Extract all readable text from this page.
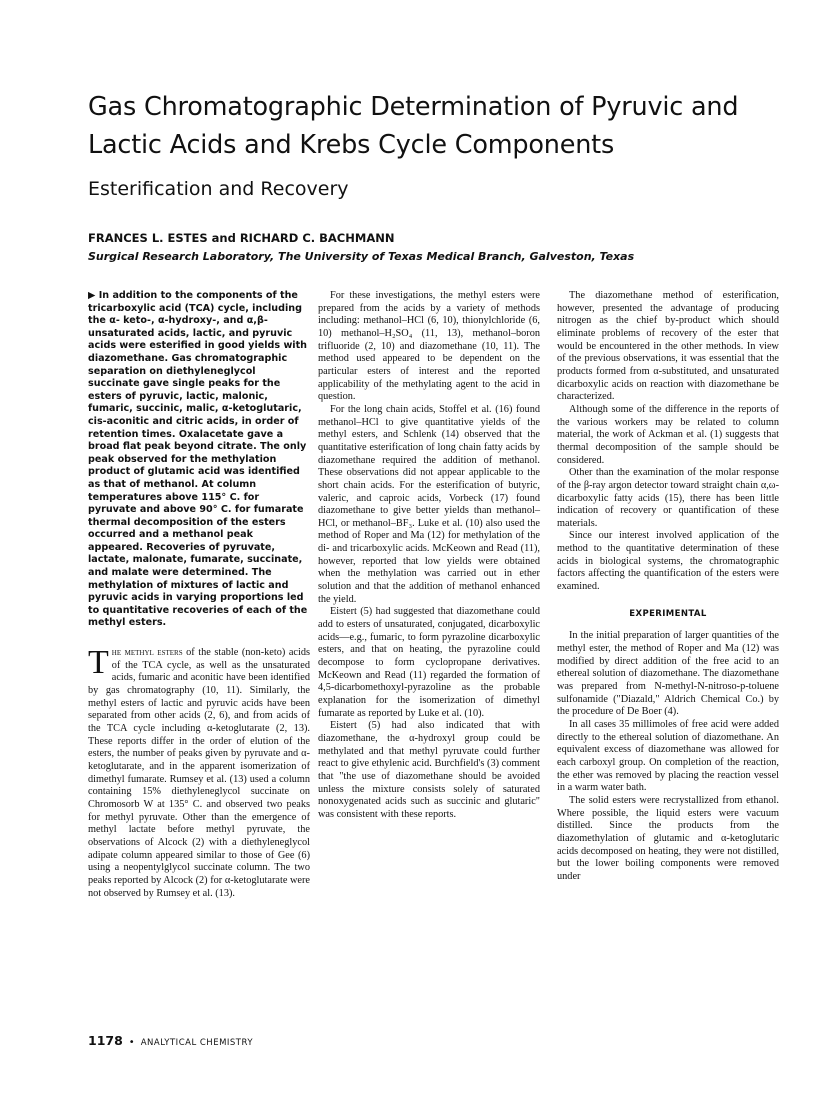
Gas Chromatographic Determination of Pyruvic and Lactic Acids and Krebs Cycle Components
Esterification and Recovery
FRANCES L. ESTES and RICHARD C. BACHMANN
Surgical Research Laboratory, The University of Texas Medical Branch, Galveston, Texas

▶ In addition to the components of the tricarboxylic acid (TCA) cycle, including the α- keto-, α-hydroxy-, and α,β-unsaturated acids, lactic, and pyruvic acids were esterified in good yields with diazomethane. Gas chromatographic separation on diethyleneglycol succinate gave single peaks for the esters of pyruvic, lactic, malonic, fumaric, succinic, malic, α-ketoglutaric, cis-aconitic and citric acids, in order of retention times. Oxalacetate gave a broad flat peak beyond citrate. The only peak observed for the methylation product of glutamic acid was identified as that of methanol. At column temperatures above 115° C. for pyruvate and above 90° C. for fumarate thermal decomposition of the esters occurred and a methanol peak appeared. Recoveries of pyruvate, lactate, malonate, fumarate, succinate, and malate were determined. The methylation of mixtures of lactic and pyruvic acids in varying proportions led to quantitative recoveries of each of the methyl esters.

The methyl esters of the stable (non-keto) acids of the TCA cycle, as well as the unsaturated acids, fumaric and aconitic have been identified by gas chromatography (10, 11). Similarly, the methyl esters of lactic and pyruvic acids have been separated from other acids (2, 6), and from acids of the TCA cycle including α-ketoglutarate (2, 13). These reports differ in the order of elution of the esters, the number of peaks given by pyruvate and α-ketoglutarate, and in the apparent isomerization of dimethyl fumarate. Rumsey et al. (13) used a column containing 15% diethyleneglycol succinate on Chromosorb W at 135° C. and observed two peaks for methyl pyruvate. Other than the emergence of methyl lactate before methyl pyruvate, the observations of Alcock (2) with a diethyleneglycol adipate column appeared similar to those of Gee (6) using a neopentylglycol succinate column. The two peaks reported by Alcock (2) for α-ketoglutarate were not observed by Rumsey et al. (13).

For these investigations, the methyl esters were prepared from the acids by a variety of methods including: methanol–HCl (6, 10), thionylchloride (6, 10) methanol–H₂SO₄ (11, 13), methanol–boron trifluoride (2, 10) and diazomethane (10, 11). The method used appeared to be dependent on the particular esters of interest and the reported applicability of the methylating agent to the acid in question.

For the long chain acids, Stoffel et al. (16) found methanol–HCl to give quantitative yields of the methyl esters, and Schlenk (14) observed that the quantitative esterification of long chain fatty acids by diazomethane required the addition of methanol. These observations did not appear applicable to the short chain acids. For the esterification of butyric, valeric, and caproic acids, Vorbeck (17) found diazomethane to give better yields than methanol–HCl, or methanol–BF₃. Luke et al. (10) also used the method of Roper and Ma (12) for methylation of the di- and tricarboxylic acids. McKeown and Read (11), however, reported that low yields were obtained when the methylation was carried out in ether solution and that the addition of methanol enhanced the yield.

Eistert (5) had suggested that diazomethane could add to esters of unsaturated, conjugated, dicarboxylic acids—e.g., fumaric, to form pyrazoline dicarboxylic esters, and that on heating, the pyrazoline could decompose to form cyclopropane derivatives. McKeown and Read (11) regarded the formation of 4,5-dicarbomethoxyl-pyrazoline as the probable explanation for the isomerization of dimethyl fumarate as reported by Luke et al. (10).

Eistert (5) had also indicated that with diazomethane, the α-hydroxyl group could be methylated and that methyl pyruvate could further react to give ethylenic acid. Burchfield's (3) comment that "the use of diazomethane should be avoided unless the mixture consists solely of saturated nonoxygenated acids such as succinic and glutaric" was consistent with these reports.

The diazomethane method of esterification, however, presented the advantage of producing nitrogen as the chief by-product which should eliminate problems of recovery of the ester that would be encountered in the other methods. In view of the previous observations, it was essential that the products formed from α-substituted, and unsaturated dicarboxylic acids on reaction with diazomethane be characterized.

Although some of the difference in the reports of the various workers may be related to column material, the work of Ackman et al. (1) suggests that thermal decomposition of the sample should be considered.

Other than the examination of the molar response of the β-ray argon detector toward straight chain α,ω-dicarboxylic fatty acids (15), there has been little indication of recovery or quantification of these materials.

Since our interest involved application of the method to the quantitative determination of these acids in biological systems, the chromatographic factors affecting the quantification of the esters were examined.

EXPERIMENTAL

In the initial preparation of larger quantities of the methyl ester, the method of Roper and Ma (12) was modified by direct addition of the free acid to an ethereal solution of diazomethane. The diazomethane was prepared from N-methyl-N-nitroso-p-toluene sulfonamide ("Diazald," Aldrich Chemical Co.) by the procedure of De Boer (4).

In all cases 35 millimoles of free acid were added directly to the ethereal solution of diazomethane. An equivalent excess of diazomethane was allowed for each carboxyl group. On completion of the reaction, the ether was removed by placing the reaction vessel in a warm water bath.

The solid esters were recrystallized from ethanol. Where possible, the liquid esters were vacuum distilled. Since the products from the diazomethylation of glutamic and α-ketoglutaric acids decomposed on heating, they were not distilled, but the lower boiling components were removed under

1178 • ANALYTICAL CHEMISTRY
